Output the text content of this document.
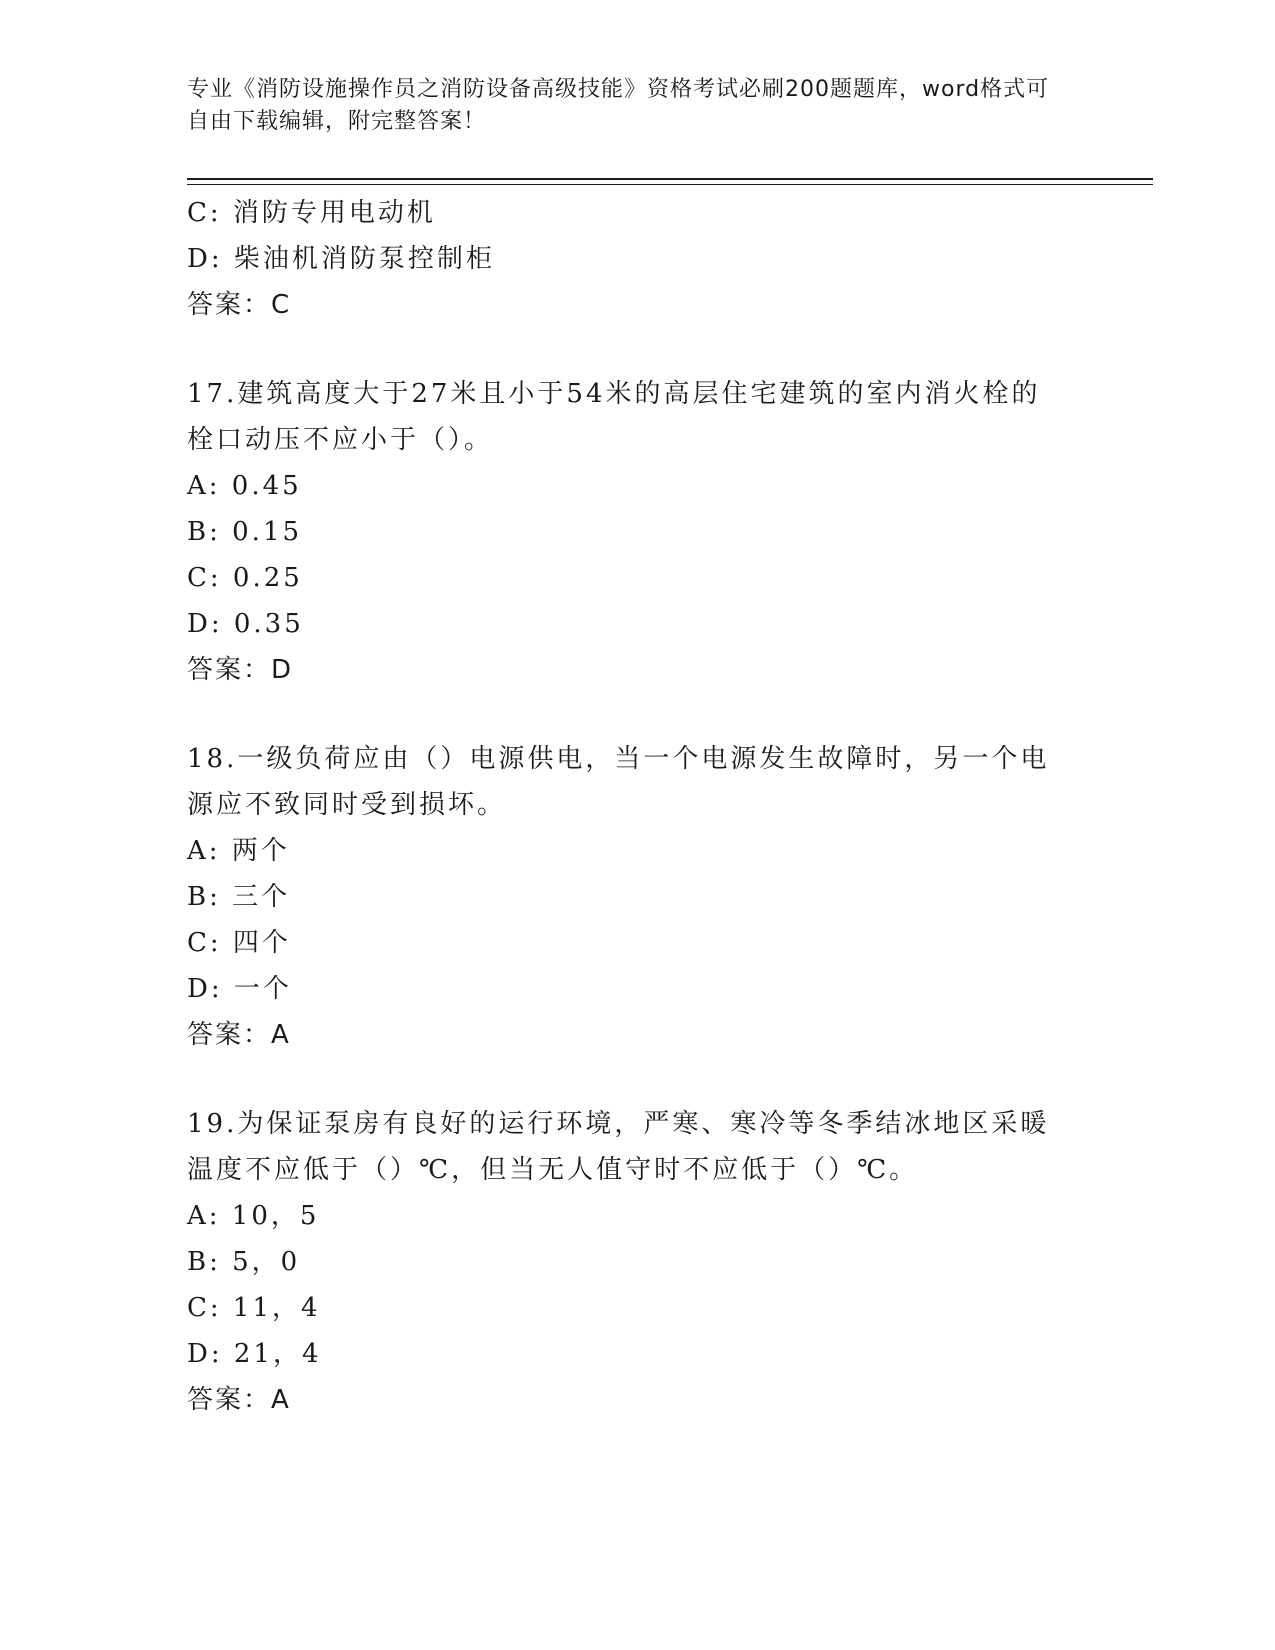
专业《消防设施操作员之消防设备高级技能》资格考试必刷200题题库，word格式可自由下载编辑，附完整答案！
C: 消防专用电动机
D: 柴油机消防泵控制柜
答案：C
17.建筑高度大于27米且小于54米的高层住宅建筑的室内消火栓的栓口动压不应小于（）。
A: 0.45
B: 0.15
C: 0.25
D: 0.35
答案：D
18.一级负荷应由（）电源供电，当一个电源发生故障时，另一个电源应不致同时受到损坏。
A: 两个
B: 三个
C: 四个
D: 一个
答案：A
19.为保证泵房有良好的运行环境，严寒、寒冷等冬季结冰地区采暖温度不应低于（）℃，但当无人值守时不应低于（）℃。
A: 10，5
B: 5，0
C: 11，4
D: 21，4
答案：A
